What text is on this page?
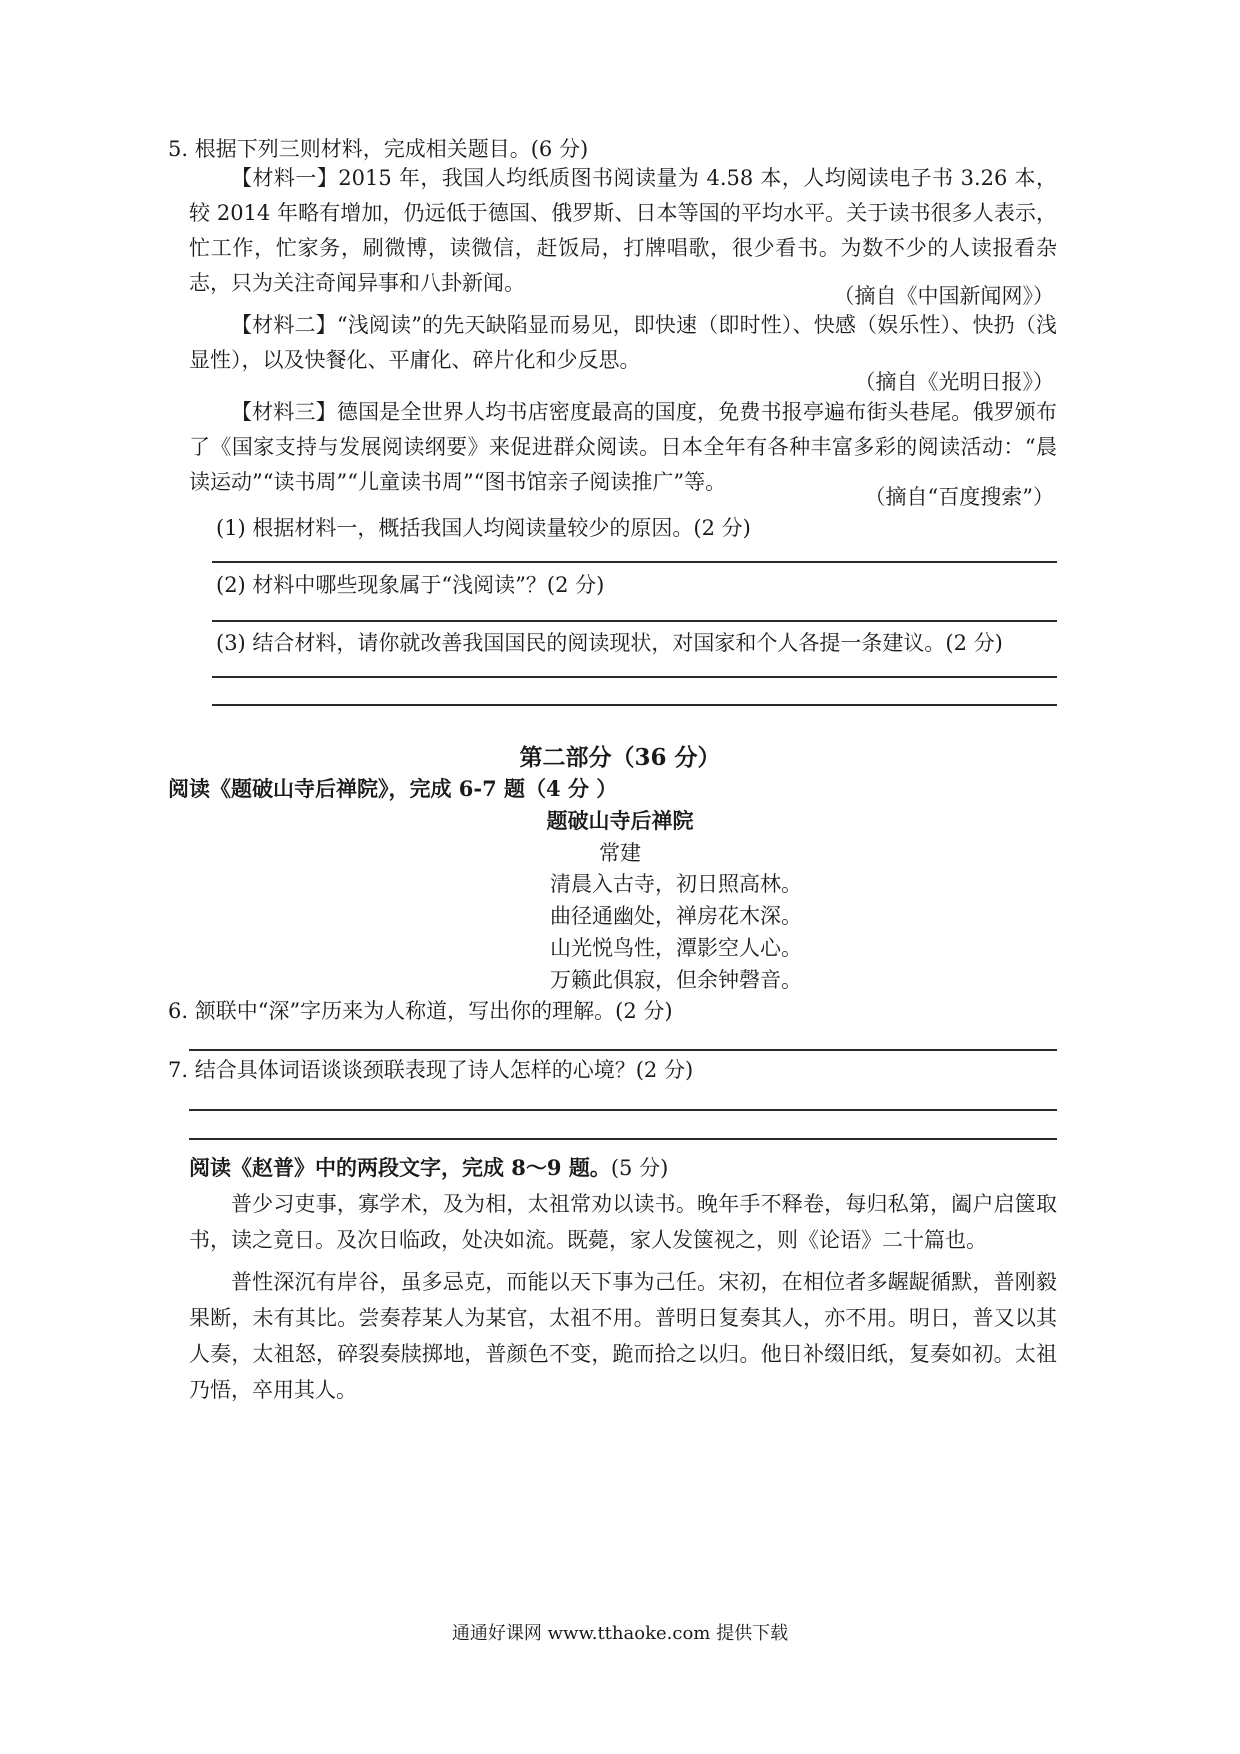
5. 根据下列三则材料，完成相关题目。(6 分)
【材料一】2015 年，我国人均纸质图书阅读量为 4.58 本，人均阅读电子书 3.26 本，较 2014 年略有增加，仍远低于德国、俄罗斯、日本等国的平均水平。关于读书很多人表示，忙工作，忙家务，刷微博，读微信，赶饭局，打牌唱歌，很少看书。为数不少的人读报看杂志，只为关注奇闻异事和八卦新闻。
（摘自《中国新闻网》）
【材料二】“浅阅读”的先天缺陷显而易见，即快速（即时性）、快感（娱乐性）、快扔（浅显性），以及快餐化、平庸化、碎片化和少反思。
（摘自《光明日报》）
【材料三】德国是全世界人均书店密度最高的国度，免费书报亭遍布街头巷尾。俄罗颁布了《国家支持与发展阅读纲要》来促进群众阅读。日本全年有各种丰富多彩的阅读活动：“晨读运动”“读书周”“儿童读书周”“图书馆亲子阅读推广”等。
（摘自“百度搜索”）
(1) 根据材料一，概括我国人均阅读量较少的原因。(2 分)
(2) 材料中哪些现象属于“浅阅读”？(2 分)
(3) 结合材料，请你就改善我国国民的阅读现状，对国家和个人各提一条建议。(2 分)
第二部分（36 分）
阅读《题破山寺后禅院》，完成 6-7 题（4 分 ）
题破山寺后禅院
常建
清晨入古寺，初日照高林。
曲径通幽处，禅房花木深。
山光悦鸟性，潭影空人心。
万籁此俱寂，但余钟磬音。
6. 颔联中“深”字历来为人称道，写出你的理解。(2 分)
7. 结合具体词语谈谈颈联表现了诗人怎样的心境？(2 分)
阅读《赵普》中的两段文字，完成 8～9 题。(5 分)
普少习吏事，寡学术，及为相，太祖常劝以读书。晚年手不释卷，每归私第，阖户启箧取书，读之竟日。及次日临政，处决如流。既薨，家人发箧视之，则《论语》二十篇也。
普性深沉有岸谷，虽多忌克，而能以天下事为己任。宋初，在相位者多龌龊循默，普刚毅果断，未有其比。尝奏荐某人为某官，太祖不用。普明日复奏其人，亦不用。明日，普又以其人奏，太祖怒，碎裂奏牍掷地，普颜色不变，跪而拾之以归。他日补缀旧纸，复奏如初。太祖乃悟，卒用其人。
通通好课网 www.tthaoke.com 提供下载
